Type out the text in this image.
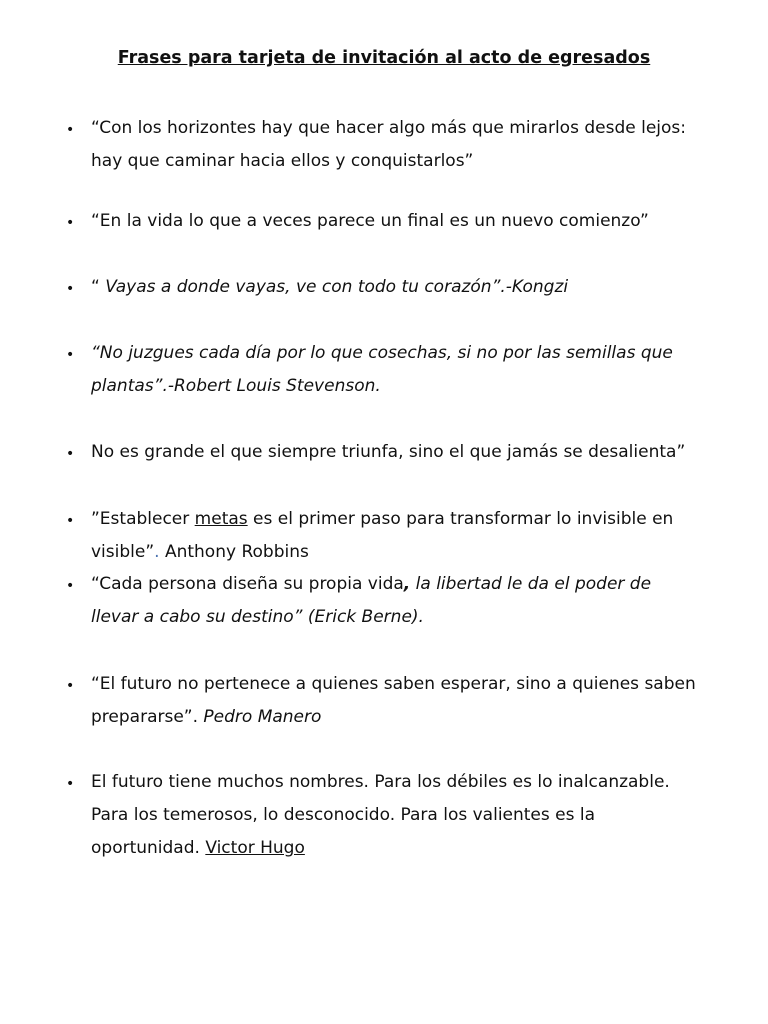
Frases para tarjeta de invitación al acto de egresados
• “Con los horizontes hay que hacer algo más que mirarlos desde lejos:
hay que caminar hacia ellos y conquistarlos”
• “En la vida lo que a veces parece un final es un nuevo comienzo”
• “ Vayas a donde vayas, ve con todo tu corazón”.-Kongzi
• “No juzgues cada día por lo que cosechas, si no por las semillas que
plantas”.-Robert Louis Stevenson.
• No es grande el que siempre triunfa, sino el que jamás se desalienta”
• ”Establecer metas es el primer paso para transformar lo invisible en
visible”. Anthony Robbins
• “Cada persona diseña su propia vida, la libertad le da el poder de
llevar a cabo su destino” (Erick Berne).
• “El futuro no pertenece a quienes saben esperar, sino a quienes saben
prepararse”. Pedro Manero
• El futuro tiene muchos nombres. Para los débiles es lo inalcanzable.
Para los temerosos, lo desconocido. Para los valientes es la
oportunidad. Victor Hugo
